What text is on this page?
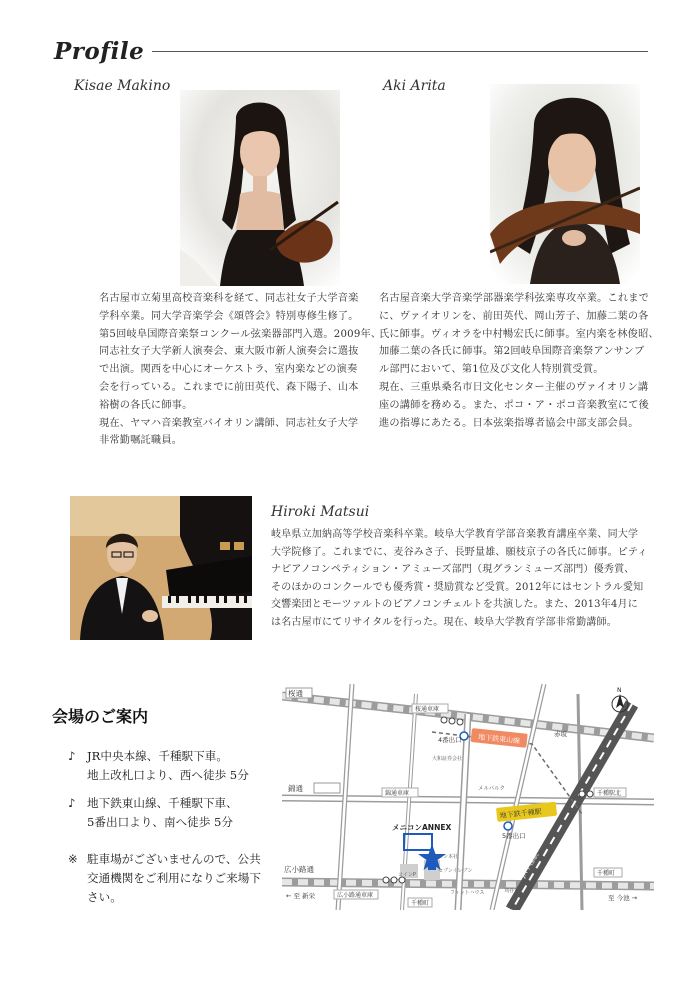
Profile
Kisae Makino
名古屋市立菊里高校音楽科を経て、同志社女子大学音楽
学科卒業。同大学音楽学会《頌啓会》特別専修生修了。
第5回岐阜国際音楽祭コンクール弦楽器部門入選。2009年、
同志社女子大学新人演奏会、東大阪市新人演奏会に選抜
で出演。関西を中心にオーケストラ、室内楽などの演奏
会を行っている。これまでに前田英代、森下陽子、山本
裕樹の各氏に師事。
現在、ヤマハ音楽教室バイオリン講師、同志社女子大学
非常勤嘱託職員。
Aki Arita
名古屋音楽大学音楽学部器楽学科弦楽専攻卒業。これまで
に、ヴァイオリンを、前田英代、岡山芳子、加藤二葉の各
氏に師事。ヴィオラを中村暢宏氏に師事。室内楽を林俊昭、
加藤二葉の各氏に師事。第2回岐阜国際音楽祭アンサンブ
ル部門において、第1位及び文化人特別賞受賞。
現在、三重県桑名市日文化センター主催のヴァイオリン講
座の講師を務める。また、ポコ・ア・ポコ音楽教室にて後
進の指導にあたる。日本弦楽指導者協会中部支部会員。
Hiroki Matsui
岐阜県立加納高等学校音楽科卒業。岐阜大学教育学部音楽教育講座卒業、同大学
大学院修了。これまでに、麦谷みさ子、長野量雄、願枝京子の各氏に師事。ピティ
ナピアノコンペティション・アミューズ部門（現グランミューズ部門）優秀賞、
そのほかのコンクールでも優秀賞・奨励賞など受賞。2012年にはセントラル愛知
交響楽団とモーツァルトのピアノコンチェルトを共演した。また、2013年4月に
は名古屋市にてリサイタルを行った。現在、岐阜大学教育学部非常勤講師。
会場のご案内
♪ JR中央本線、千種駅下車。
地上改札口より、西へ徒歩 5分
♪ 地下鉄東山線、千種駅下車、
5番出口より、南へ徒歩 5分
※ 駐車場がございませんので、公共
交通機関をご利用になりご来場下
さい。
地下鉄東山線
地下鉄千種駅
桜通
錦通
広小路通
← 至 新栄	至 今池 →
桜通車庫
4番出口
赤坂
大和証券会社
錦通車庫
メルパルク
5番出口
千種駅北
メニコンANNEX
メニコン本社
コインP
セブンイレブン
広小路通車庫
千種町
JR千種駅	千種町
フィットハウス	刈谷台
N
